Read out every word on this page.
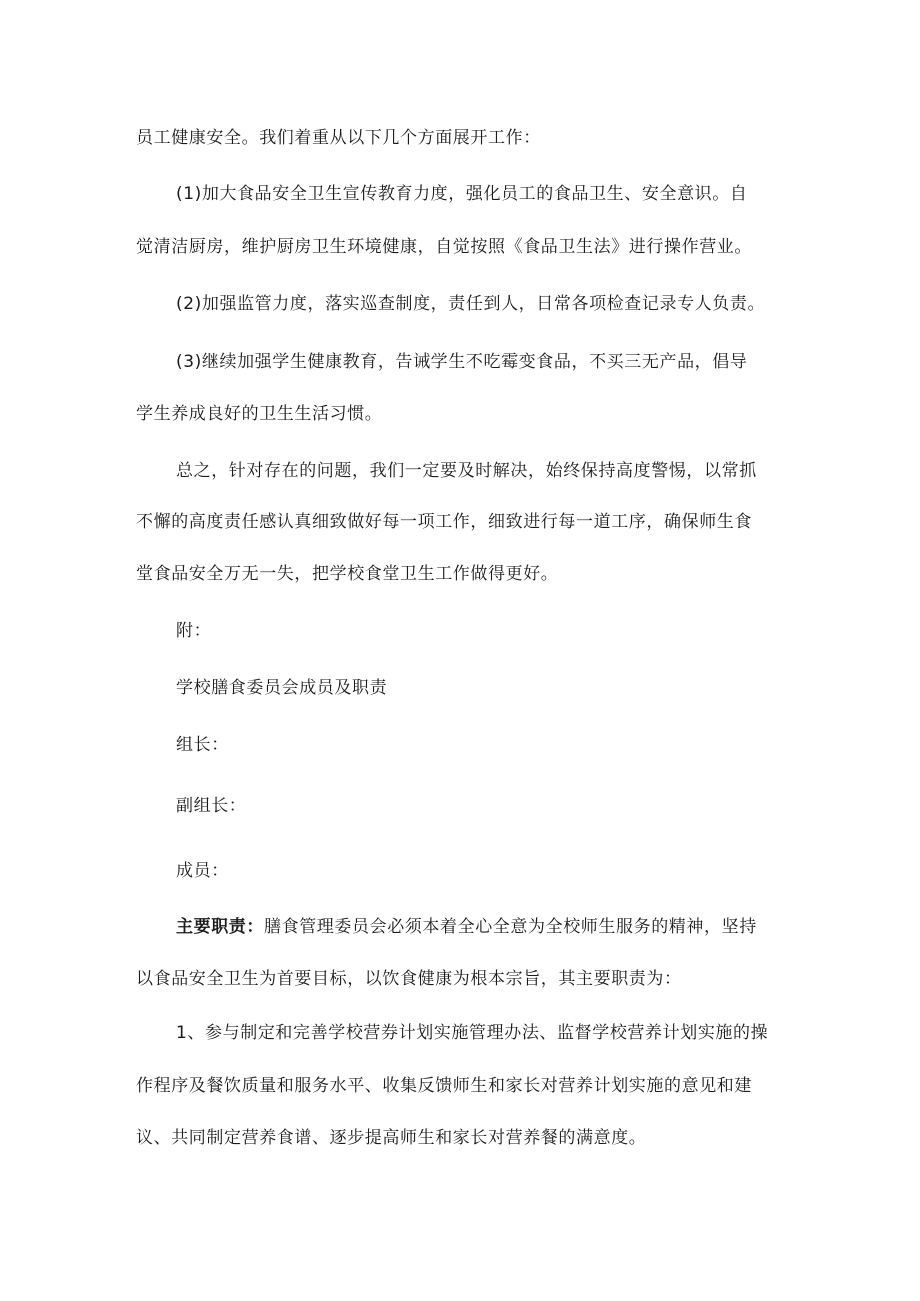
员工健康安全。我们着重从以下几个方面展开工作：
(1)加大食品安全卫生宣传教育力度，强化员工的食品卫生、安全意识。自
觉清洁厨房，维护厨房卫生环境健康，自觉按照《食品卫生法》进行操作营业。
(2)加强监管力度，落实巡查制度，责任到人，日常各项检查记录专人负责。
(3)继续加强学生健康教育，告诫学生不吃霉变食品，不买三无产品，倡导
学生养成良好的卫生生活习惯。
总之，针对存在的问题，我们一定要及时解决，始终保持高度警惕，以常抓
不懈的高度责任感认真细致做好每一项工作，细致进行每一道工序，确保师生食
堂食品安全万无一失，把学校食堂卫生工作做得更好。
附：
学校膳食委员会成员及职责
组长：
副组长：
成员：
主要职责：膳食管理委员会必须本着全心全意为全校师生服务的精神，坚持
以食品安全卫生为首要目标，以饮食健康为根本宗旨，其主要职责为：
1、参与制定和完善学校营券计划实施管理办法、监督学校营养计划实施的操
作程序及餐饮质量和服务水平、收集反馈师生和家长对营养计划实施的意见和建
议、共同制定营养食谱、逐步提高师生和家长对营养餐的满意度。
